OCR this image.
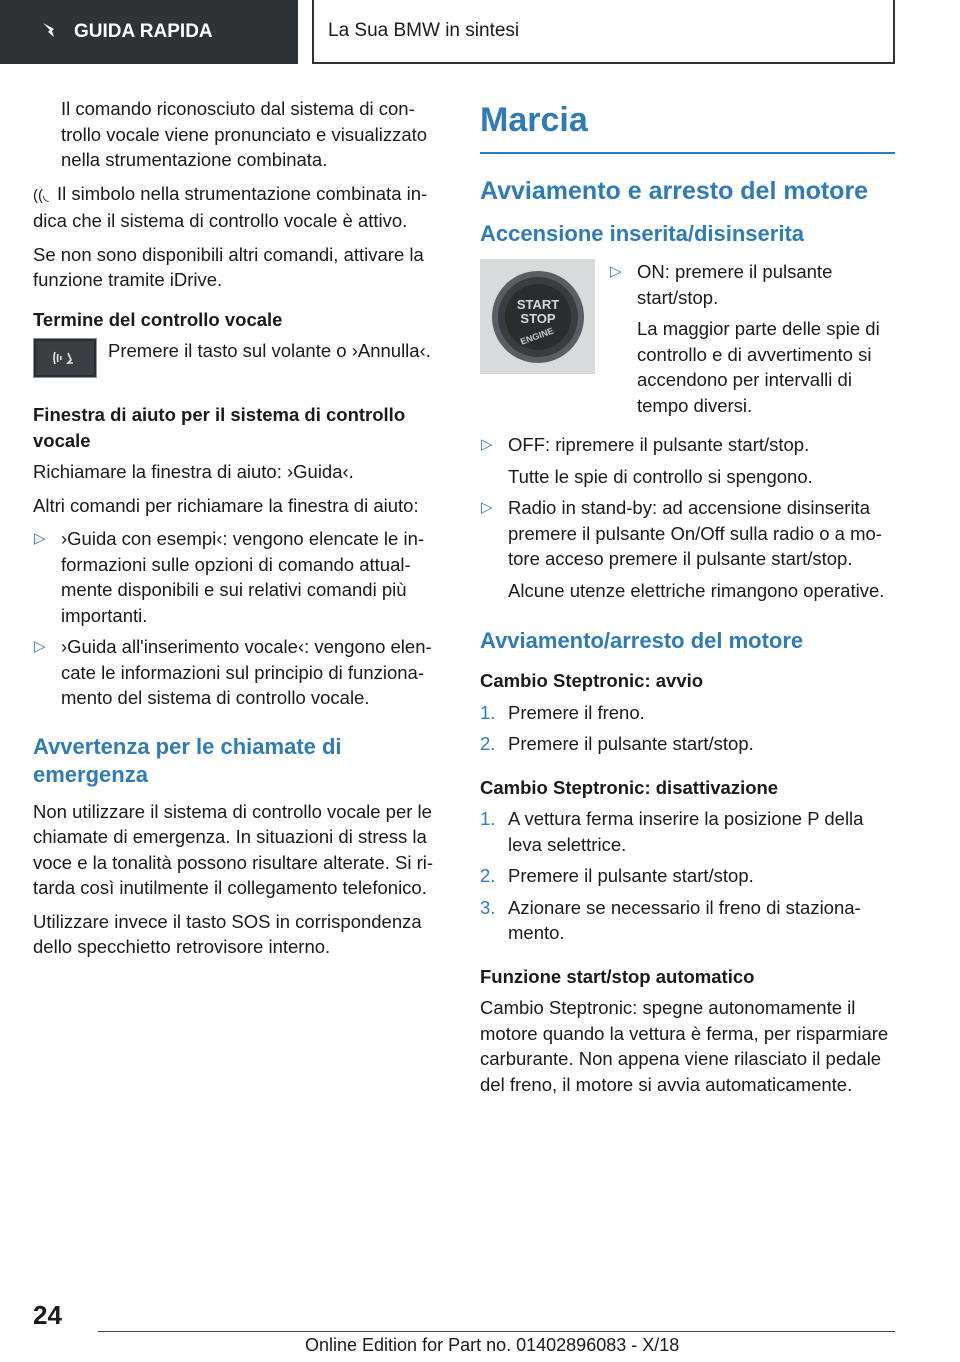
GUIDA RAPIDA	La Sua BMW in sintesi

Il comando riconosciuto dal sistema di controllo vocale viene pronunciato e visualizzato nella strumentazione combinata.

((◟ Il simbolo nella strumentazione combinata indica che il sistema di controllo vocale è attivo.

Se non sono disponibili altri comandi, attivare la funzione tramite iDrive.

Termine del controllo vocale
Premere il tasto sul volante o ›Annulla‹.
Finestra di aiuto per il sistema di controllo vocale

Richiamare la finestra di aiuto: ›Guida‹.

Altri comandi per richiamare la finestra di aiuto:

▷ ›Guida con esempi‹: vengono elencate le informazioni sulle opzioni di comando attualmente disponibili e sui relativi comandi più importanti.

▷ ›Guida all'inserimento vocale‹: vengono elencate le informazioni sul principio di funzionamento del sistema di controllo vocale.

Avvertenza per le chiamate di emergenza

Non utilizzare il sistema di controllo vocale per le chiamate di emergenza. In situazioni di stress la voce e la tonalità possono risultare alterate. Si ritarda così inutilmente il collegamento telefonico.

Utilizzare invece il tasto SOS in corrispondenza dello specchietto retrovisore interno.

Marcia
Avviamento e arresto del motore
Accensione inserita/disinserita
START
STOP
ENGINE
▷ ON: premere il pulsante start/stop.

La maggior parte delle spie di controllo e di avvertimento si accendono per intervalli di tempo diversi.

▷ OFF: ripremere il pulsante start/stop.

Tutte le spie di controllo si spengono.

▷ Radio in stand-by: ad accensione disinserita premere il pulsante On/Off sulla radio o a motore acceso premere il pulsante start/stop.

Alcune utenze elettriche rimangono operative.

Avviamento/arresto del motore
Cambio Steptronic: avvio
1. Premere il freno.
2. Premere il pulsante start/stop.
Cambio Steptronic: disattivazione
1. A vettura ferma inserire la posizione P della leva selettrice.
2. Premere il pulsante start/stop.
3. Azionare se necessario il freno di stazionamento.
Funzione start/stop automatico

Cambio Steptronic: spegne autonomamente il motore quando la vettura è ferma, per risparmiare carburante. Non appena viene rilasciato il pedale del freno, il motore si avvia automaticamente.

24
Online Edition for Part no. 01402896083 - X/18
